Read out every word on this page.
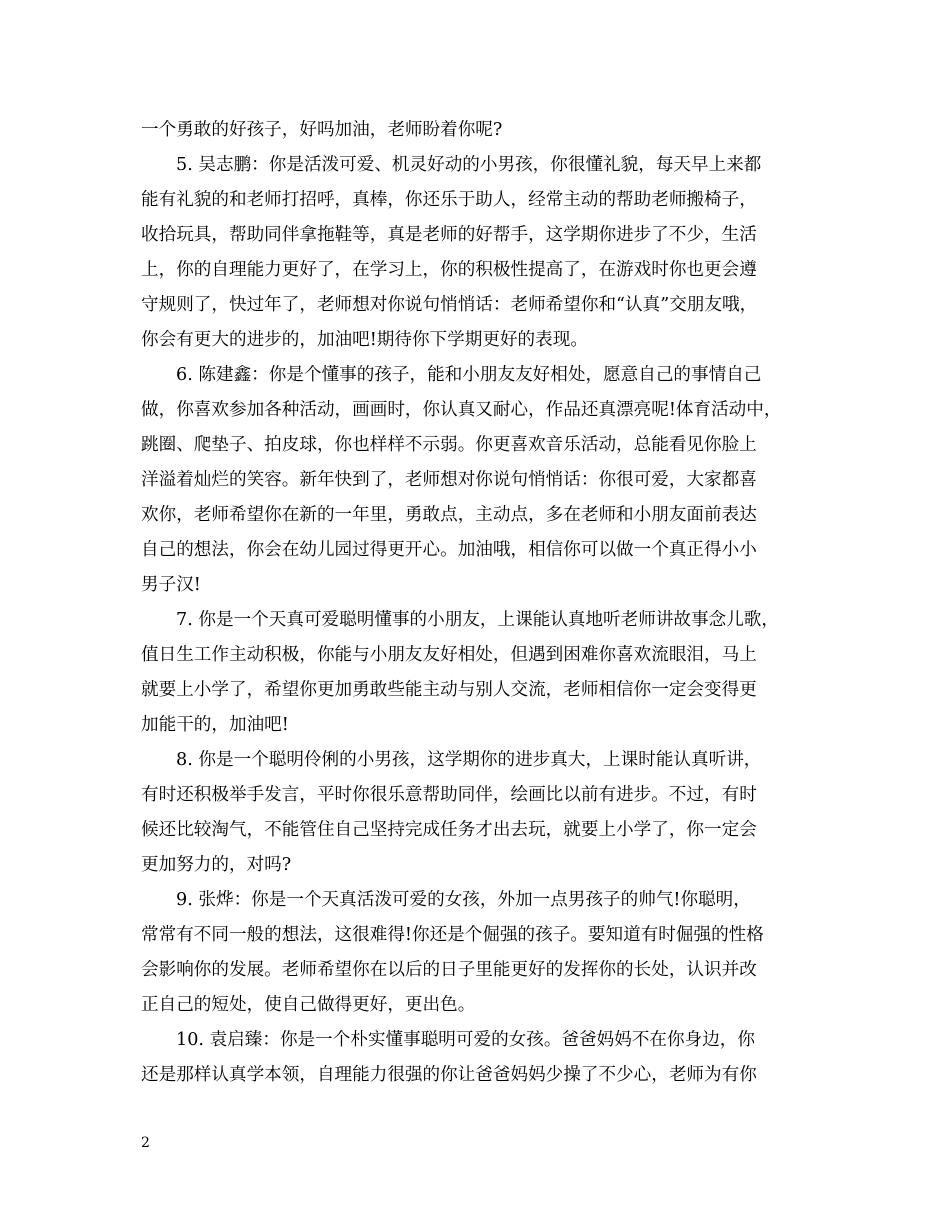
一个勇敢的好孩子，好吗加油，老师盼着你呢?
5. 吴志鹏：你是活泼可爱、机灵好动的小男孩，你很懂礼貌，每天早上来都
能有礼貌的和老师打招呼，真棒，你还乐于助人，经常主动的帮助老师搬椅子，
收拾玩具，帮助同伴拿拖鞋等，真是老师的好帮手，这学期你进步了不少，生活
上，你的自理能力更好了，在学习上，你的积极性提高了，在游戏时你也更会遵
守规则了，快过年了，老师想对你说句悄悄话：老师希望你和“认真”交朋友哦，
你会有更大的进步的，加油吧!期待你下学期更好的表现。
6. 陈建鑫：你是个懂事的孩子，能和小朋友友好相处，愿意自己的事情自己
做，你喜欢参加各种活动，画画时，你认真又耐心，作品还真漂亮呢!体育活动中，
跳圈、爬垫子、拍皮球，你也样样不示弱。你更喜欢音乐活动，总能看见你脸上
洋溢着灿烂的笑容。新年快到了，老师想对你说句悄悄话：你很可爱，大家都喜
欢你，老师希望你在新的一年里，勇敢点，主动点，多在老师和小朋友面前表达
自己的想法，你会在幼儿园过得更开心。加油哦，相信你可以做一个真正得小小
男子汉!
7. 你是一个天真可爱聪明懂事的小朋友，上课能认真地听老师讲故事念儿歌，
值日生工作主动积极，你能与小朋友友好相处，但遇到困难你喜欢流眼泪，马上
就要上小学了，希望你更加勇敢些能主动与别人交流，老师相信你一定会变得更
加能干的，加油吧!
8. 你是一个聪明伶俐的小男孩，这学期你的进步真大，上课时能认真听讲，
有时还积极举手发言，平时你很乐意帮助同伴，绘画比以前有进步。不过，有时
候还比较淘气，不能管住自己坚持完成任务才出去玩，就要上小学了，你一定会
更加努力的，对吗?
9. 张烨：你是一个天真活泼可爱的女孩，外加一点男孩子的帅气!你聪明，
常常有不同一般的想法，这很难得!你还是个倔强的孩子。要知道有时倔强的性格
会影响你的发展。老师希望你在以后的日子里能更好的发挥你的长处，认识并改
正自己的短处，使自己做得更好，更出色。
10. 袁启臻：你是一个朴实懂事聪明可爱的女孩。爸爸妈妈不在你身边，你
还是那样认真学本领，自理能力很强的你让爸爸妈妈少操了不少心，老师为有你
2
